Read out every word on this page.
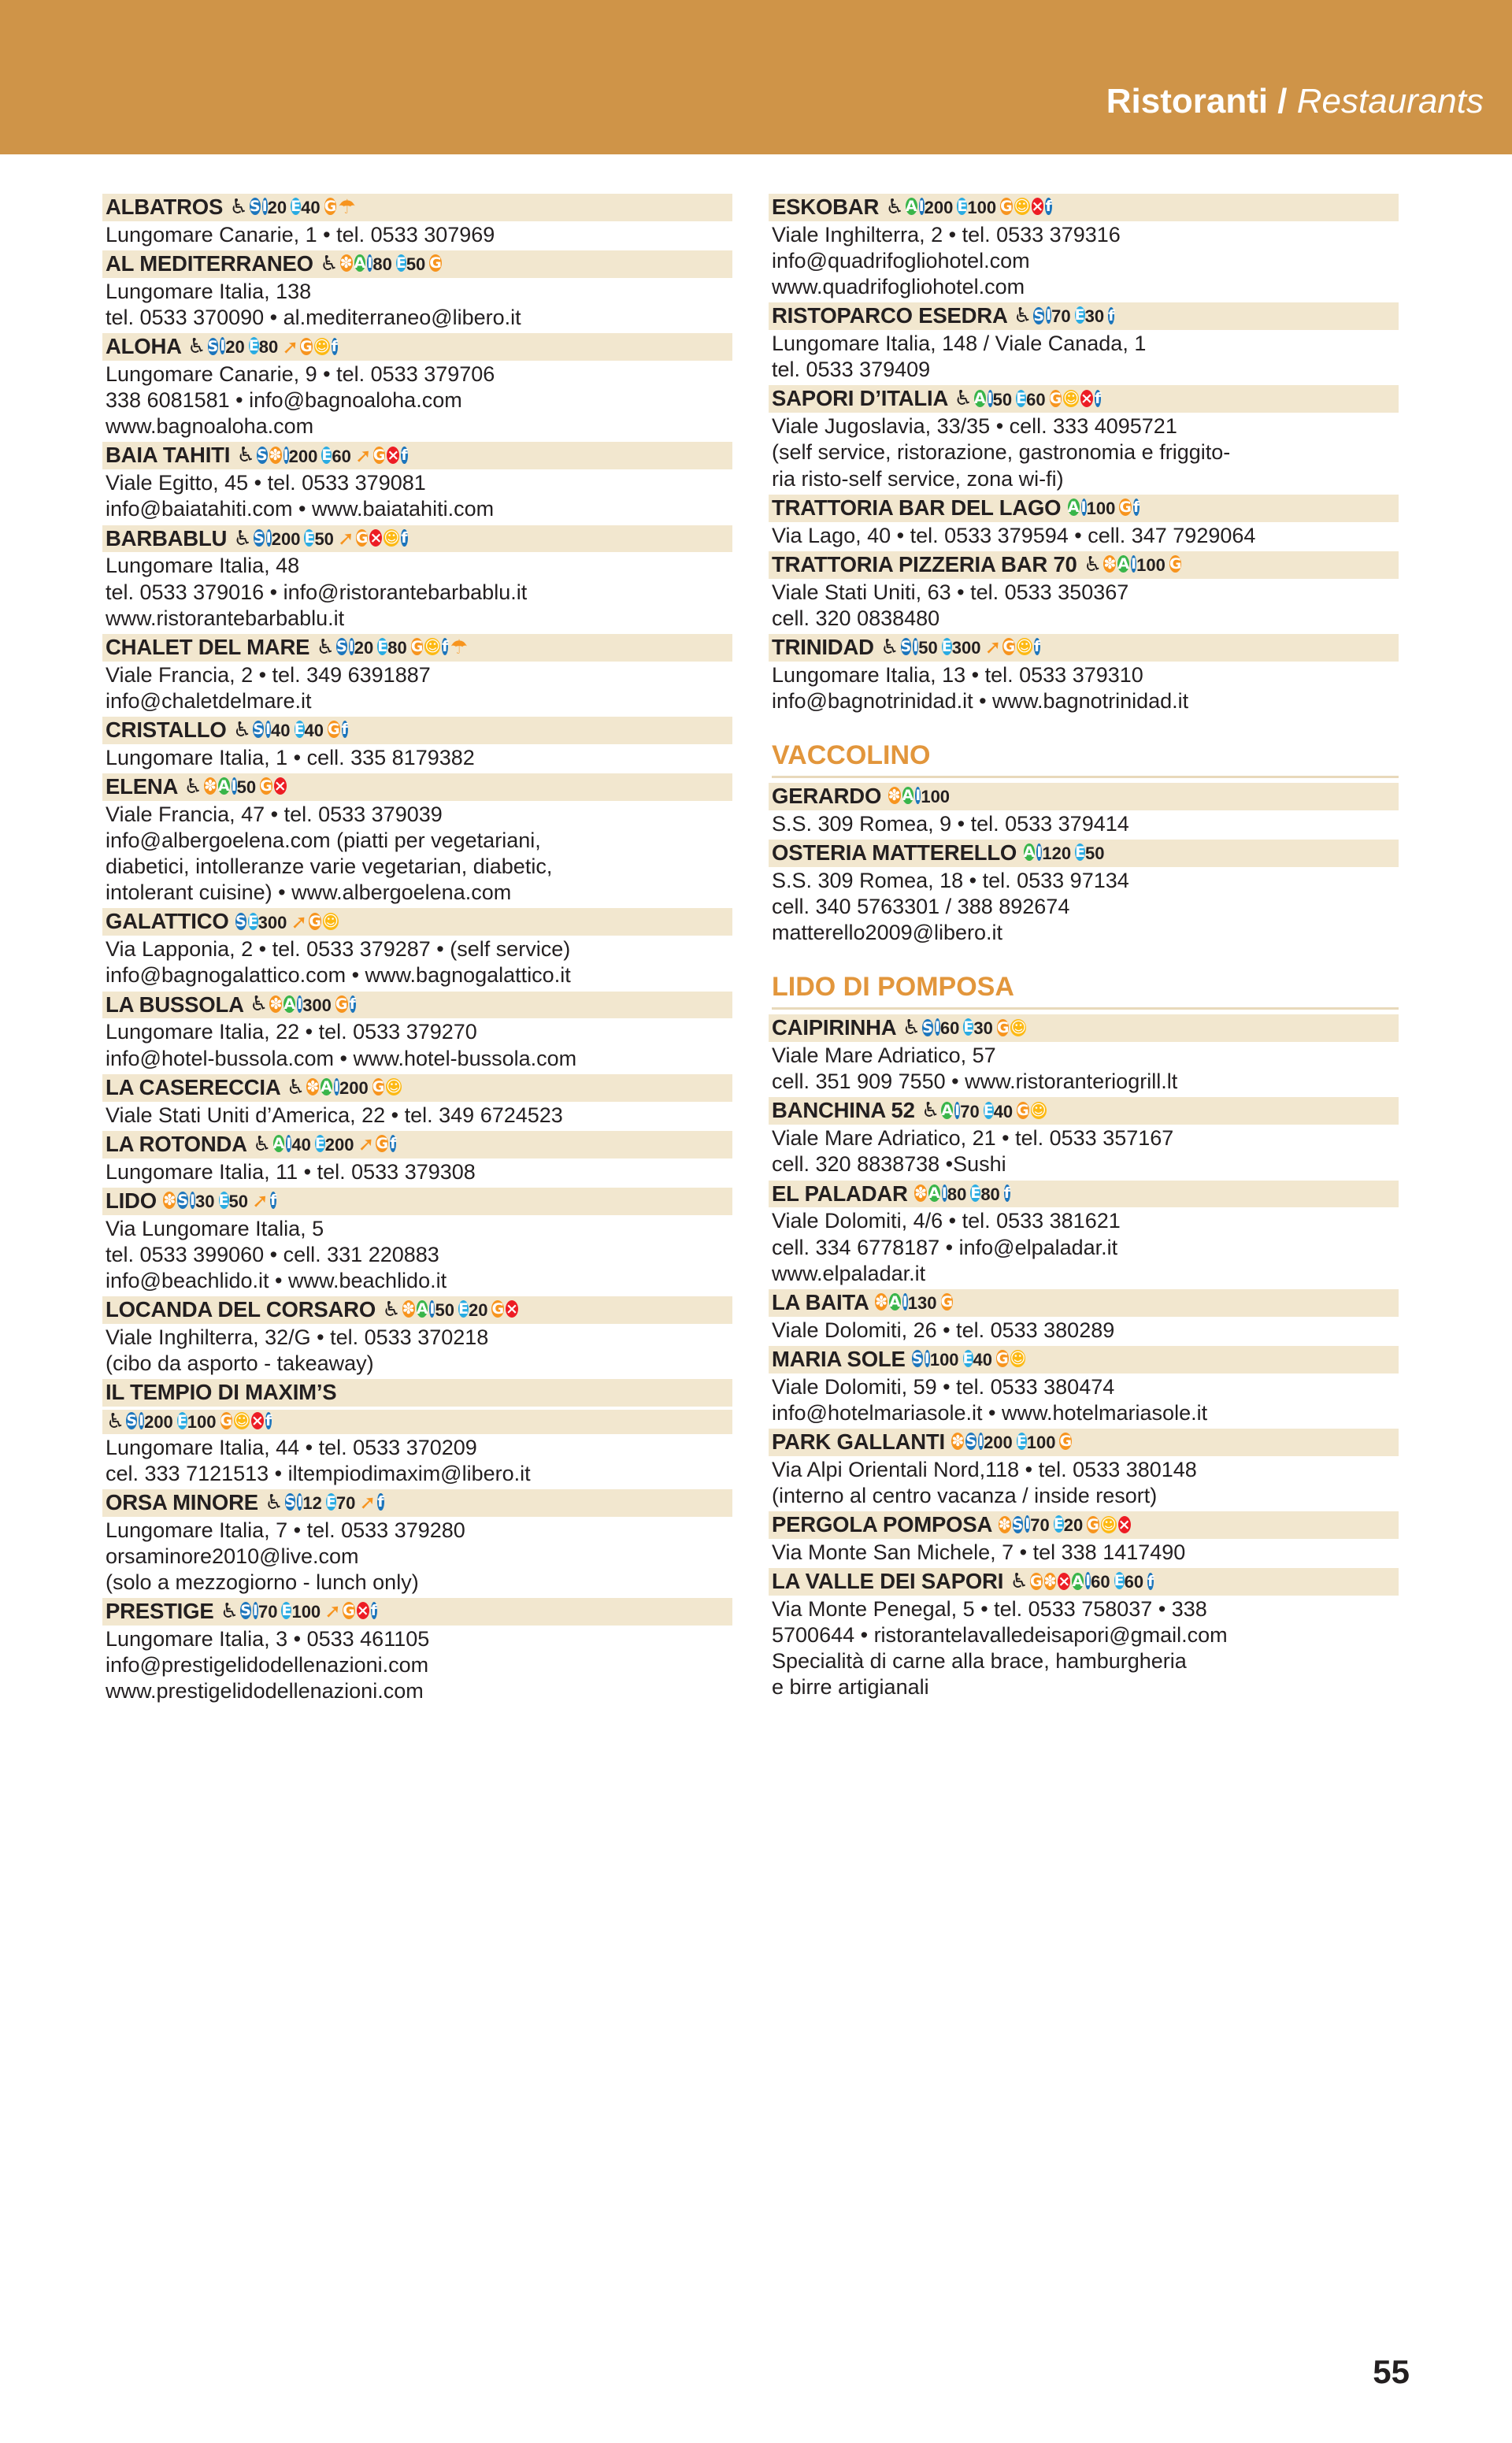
Ristoranti / Restaurants
ALBATROS ♿ S I20 E40 G☂
Lungomare Canarie, 1 • tel. 0533 307969
AL MEDITERRANEO ♿ ✽ A I80 E50 G
Lungomare Italia, 138
tel. 0533 370090 • al.mediterraneo@libero.it
ALOHA ♿ S I20 E80 ➚ G ☺ f
Lungomare Canarie, 9 • tel. 0533 379706
338 6081581 • info@bagnoaloha.com
www.bagnoaloha.com
BAIA TAHITI ♿ S ✽ I200 E60 ➚ G × f
Viale Egitto, 45 • tel. 0533 379081
info@baiatahiti.com • www.baiatahiti.com
BARBABLU ♿ S I200 E50 ➚ G × ☺ f
Lungomare Italia, 48
tel. 0533 379016 • info@ristorantebarbablu.it
www.ristorantebarbablu.it
CHALET DEL MARE ♿ S I20 E80 G ☺ f☂
Viale Francia, 2 • tel. 349 6391887
info@chaletdelmare.it
CRISTALLO ♿ S I40 E40 G f
Lungomare Italia, 1 • cell. 335 8179382
ELENA ♿ ✽ A I50 G ×
Viale Francia, 47 • tel. 0533 379039
info@albergoelena.com (piatti per vegetariani,
diabetici, intolleranze varie vegetarian, diabetic,
intolerant cuisine) • www.albergoelena.com
GALATTICO S E300 ➚ G ☺
Via Lapponia, 2 • tel. 0533 379287 • (self service)
info@bagnogalattico.com • www.bagnogalattico.it
LA BUSSOLA ♿ ✽ A I300 G f
Lungomare Italia, 22 • tel. 0533 379270
info@hotel-bussola.com • www.hotel-bussola.com
LA CASERECCIA ♿ ✽ A I200 G ☺
Viale Stati Uniti d’America, 22 • tel. 349 6724523
LA ROTONDA ♿ A I40 E200 ➚ G f
Lungomare Italia, 11 • tel. 0533 379308
LIDO ✽ S I30 E50 ➚ f
Via Lungomare Italia, 5
tel. 0533 399060 • cell. 331 220883
info@beachlido.it • www.beachlido.it
LOCANDA DEL CORSARO ♿ ✽ A I50 E20 G ×
Viale Inghilterra, 32/G • tel. 0533 370218
(cibo da asporto - takeaway)
IL TEMPIO DI MAXIM’S
♿ S I200 E100 G ☺ × f
Lungomare Italia, 44 • tel. 0533 370209
cel. 333 7121513 • iltempiodimaxim@libero.it
ORSA MINORE ♿ S I12 E70 ➚ f
Lungomare Italia, 7 • tel. 0533 379280
orsaminore2010@live.com
(solo a mezzogiorno - lunch only)
PRESTIGE ♿ S I70 E100 ➚ G × f
Lungomare Italia, 3 • 0533 461105
info@prestigelidodellenazioni.com
www.prestigelidodellenazioni.com
ESKOBAR ♿ A I200 E100 G ☺ × f
Viale Inghilterra, 2 • tel. 0533 379316
info@quadrifogliohotel.com
www.quadrifogliohotel.com
RISTOPARCO ESEDRA ♿ S I70 E30 f
Lungomare Italia, 148 / Viale Canada, 1
tel. 0533 379409
SAPORI D’ITALIA ♿ A I50 E60 G ☺ × f
Viale Jugoslavia, 33/35 • cell. 333 4095721
(self service, ristorazione, gastronomia e friggito-
ria risto-self service, zona wi-fi)
TRATTORIA BAR DEL LAGO A I100 G f
Via Lago, 40 • tel. 0533 379594 • cell. 347 7929064
TRATTORIA PIZZERIA BAR 70 ♿ ✽ A I100 G
Viale Stati Uniti, 63 • tel. 0533 350367
cell. 320 0838480
TRINIDAD ♿ S I50 E300 ➚ G ☺ f
Lungomare Italia, 13 • tel. 0533 379310
info@bagnotrinidad.it • www.bagnotrinidad.it
VACCOLINO
GERARDO ✽ A I100
S.S. 309 Romea, 9 • tel. 0533 379414
OSTERIA MATTERELLO A I120 E50
S.S. 309 Romea, 18 • tel. 0533 97134
cell. 340 5763301 / 388 892674
matterello2009@libero.it
LIDO DI POMPOSA
CAIPIRINHA ♿ S I60 E30 G ☺
Viale Mare Adriatico, 57
cell. 351 909 7550 • www.ristoranteriogrill.lt
BANCHINA 52 ♿ A I70 E40 G ☺
Viale Mare Adriatico, 21 • tel. 0533 357167
cell. 320 8838738 •Sushi
EL PALADAR ✽ A I80 E80 f
Viale Dolomiti, 4/6 • tel. 0533 381621
cell. 334 6778187 • info@elpaladar.it
www.elpaladar.it
LA BAITA ✽ A I130 G
Viale Dolomiti, 26 • tel. 0533 380289
MARIA SOLE S I100 E40 G ☺
Viale Dolomiti, 59 • tel. 0533 380474
info@hotelmariasole.it • www.hotelmariasole.it
PARK GALLANTI ✽ S I200 E100 G
Via Alpi Orientali Nord,118 • tel. 0533 380148
(interno al centro vacanza / inside resort)
PERGOLA POMPOSA ✽ S I70 E20 G ☺ ×
Via Monte San Michele, 7 • tel 338 1417490
LA VALLE DEI SAPORI ♿ G ✽ × A I60 E60 f
Via Monte Penegal, 5 • tel. 0533 758037 • 338
5700644 • ristorantelavalledeisapori@gmail.com
Specialità di carne alla brace, hamburgheria
e birre artigianali
55
